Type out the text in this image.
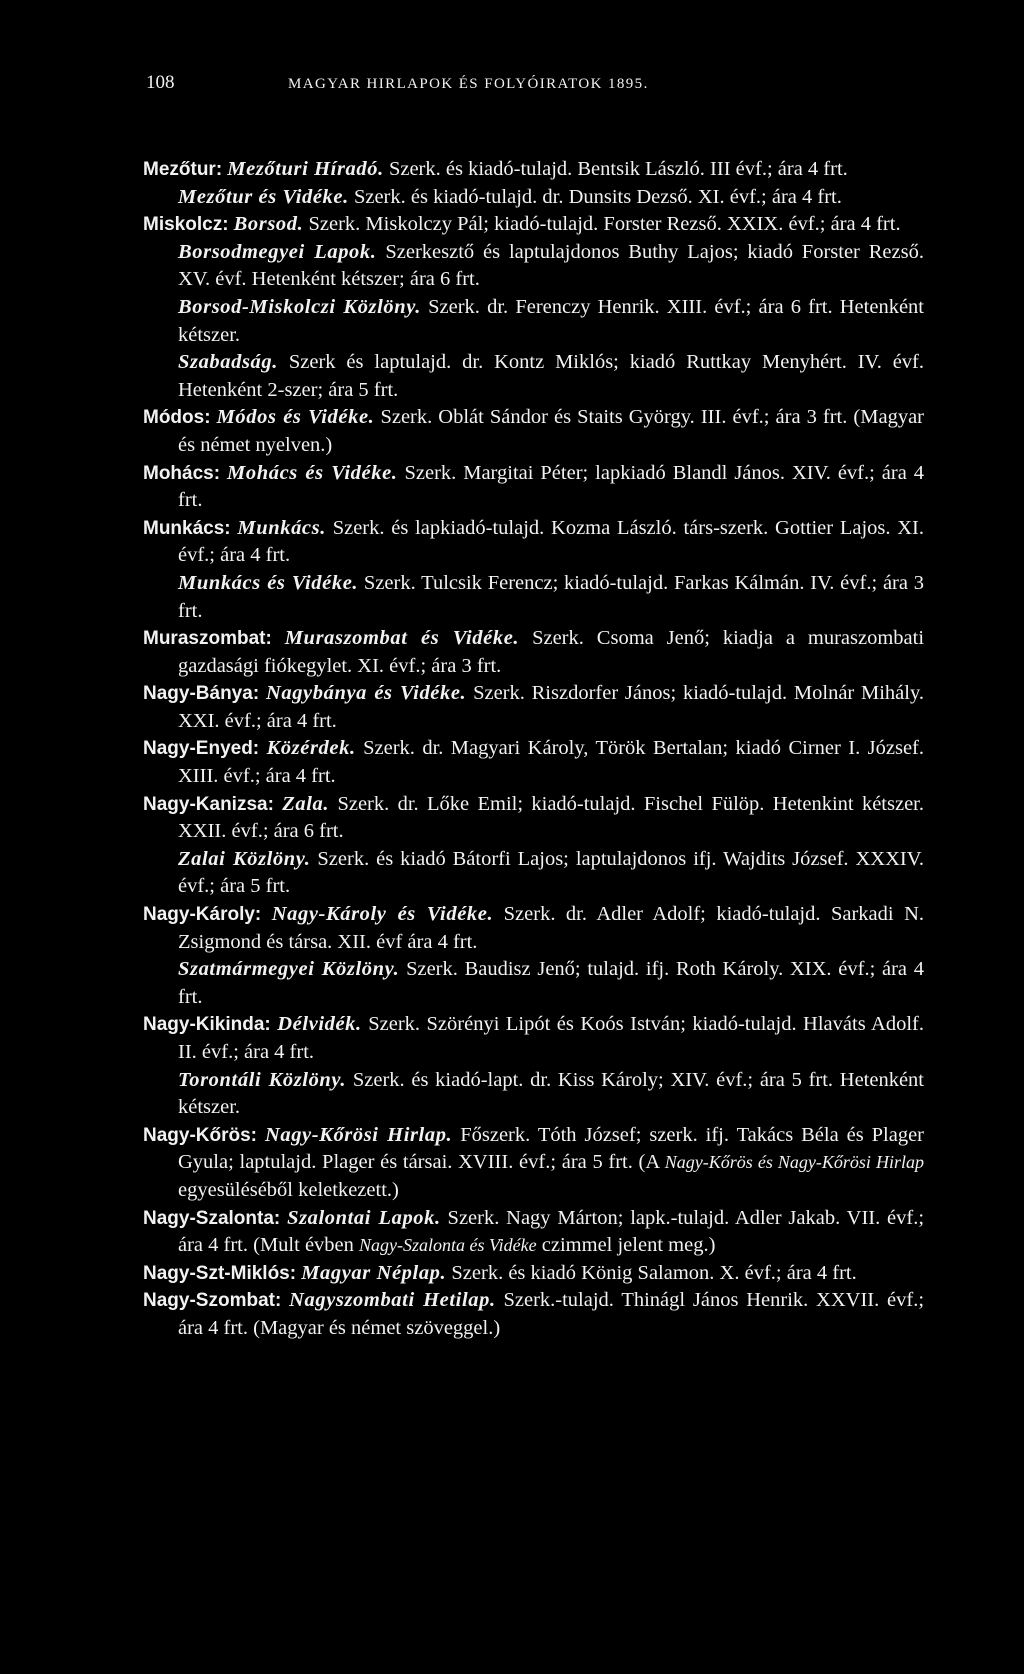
108	MAGYAR HIRLAPOK ÉS FOLYÓIRATOK 1895.
Mezőtur: Mezőturi Híradó. Szerk. és kiadó-tulajd. Bentsik László. III évf.; ára 4 frt.
Mezőtur és Vidéke. Szerk. és kiadó-tulajd. dr. Dunsits Dezső. XI. évf.; ára 4 frt.
Miskolcz: Borsod. Szerk. Miskolczy Pál; kiadó-tulajd. Forster Rezső. XXIX. évf.; ára 4 frt.
Borsodmegyei Lapok. Szerkesztő és laptulajdonos Buthy Lajos; kiadó Forster Rezső. XV. évf. Hetenként kétszer; ára 6 frt.
Borsod-Miskolczi Közlöny. Szerk. dr. Ferenczy Henrik. XIII. évf.; ára 6 frt. Hetenként kétszer.
Szabadság. Szerk és laptulajd. dr. Kontz Miklós; kiadó Ruttkay Menyhért. IV. évf. Hetenként 2-szer; ára 5 frt.
Módos: Módos és Vidéke. Szerk. Oblát Sándor és Staits György. III. évf.; ára 3 frt. (Magyar és német nyelven.)
Mohács: Mohács és Vidéke. Szerk. Margitai Péter; lapkiadó Blandl János. XIV. évf.; ára 4 frt.
Munkács: Munkács. Szerk. és lapkiadó-tulajd. Kozma László. társ-szerk. Gottier Lajos. XI. évf.; ára 4 frt.
Munkács és Vidéke. Szerk. Tulcsik Ferencz; kiadó-tulajd. Farkas Kálmán. IV. évf.; ára 3 frt.
Muraszombat: Muraszombat és Vidéke. Szerk. Csoma Jenő; kiadja a muraszombati gazdasági fiókegylet. XI. évf.; ára 3 frt.
Nagy-Bánya: Nagybánya és Vidéke. Szerk. Riszdorfer János; kiadó-tulajd. Molnár Mihály. XXI. évf.; ára 4 frt.
Nagy-Enyed: Közérdek. Szerk. dr. Magyari Károly, Török Bertalan; kiadó Cirner I. József. XIII. évf.; ára 4 frt.
Nagy-Kanizsa: Zala. Szerk. dr. Lőke Emil; kiadó-tulajd. Fischel Fülöp. Hetenkint kétszer. XXII. évf.; ára 6 frt.
Zalai Közlöny. Szerk. és kiadó Bátorfi Lajos; laptulajdonos ifj. Wajdits József. XXXIV. évf.; ára 5 frt.
Nagy-Károly: Nagy-Károly és Vidéke. Szerk. dr. Adler Adolf; kiadó-tulajd. Sarkadi N. Zsigmond és társa. XII. évf ára 4 frt.
Szatmármegyei Közlöny. Szerk. Baudisz Jenő; tulajd. ifj. Roth Károly. XIX. évf.; ára 4 frt.
Nagy-Kikinda: Délvidék. Szerk. Szörényi Lipót és Koós István; kiadó-tulajd. Hlaváts Adolf. II. évf.; ára 4 frt.
Torontáli Közlöny. Szerk. és kiadó-lapt. dr. Kiss Károly; XIV. évf.; ára 5 frt. Hetenként kétszer.
Nagy-Kőrös: Nagy-Kőrösi Hirlap. Főszerk. Tóth József; szerk. ifj. Takács Béla és Plager Gyula; laptulajd. Plager és társai. XVIII. évf.; ára 5 frt. (A Nagy-Kőrös és Nagy-Kőrösi Hirlap egyesüléséből keletkezett.)
Nagy-Szalonta: Szalontai Lapok. Szerk. Nagy Márton; lapk.-tulajd. Adler Jakab. VII. évf.; ára 4 frt. (Mult évben Nagy-Szalonta és Vidéke czimmel jelent meg.)
Nagy-Szt-Miklós: Magyar Néplap. Szerk. és kiadó König Salamon. X. évf.; ára 4 frt.
Nagy-Szombat: Nagyszombati Hetilap. Szerk.-tulajd. Thinágl János Henrik. XXVII. évf.; ára 4 frt. (Magyar és német szöveggel.)
